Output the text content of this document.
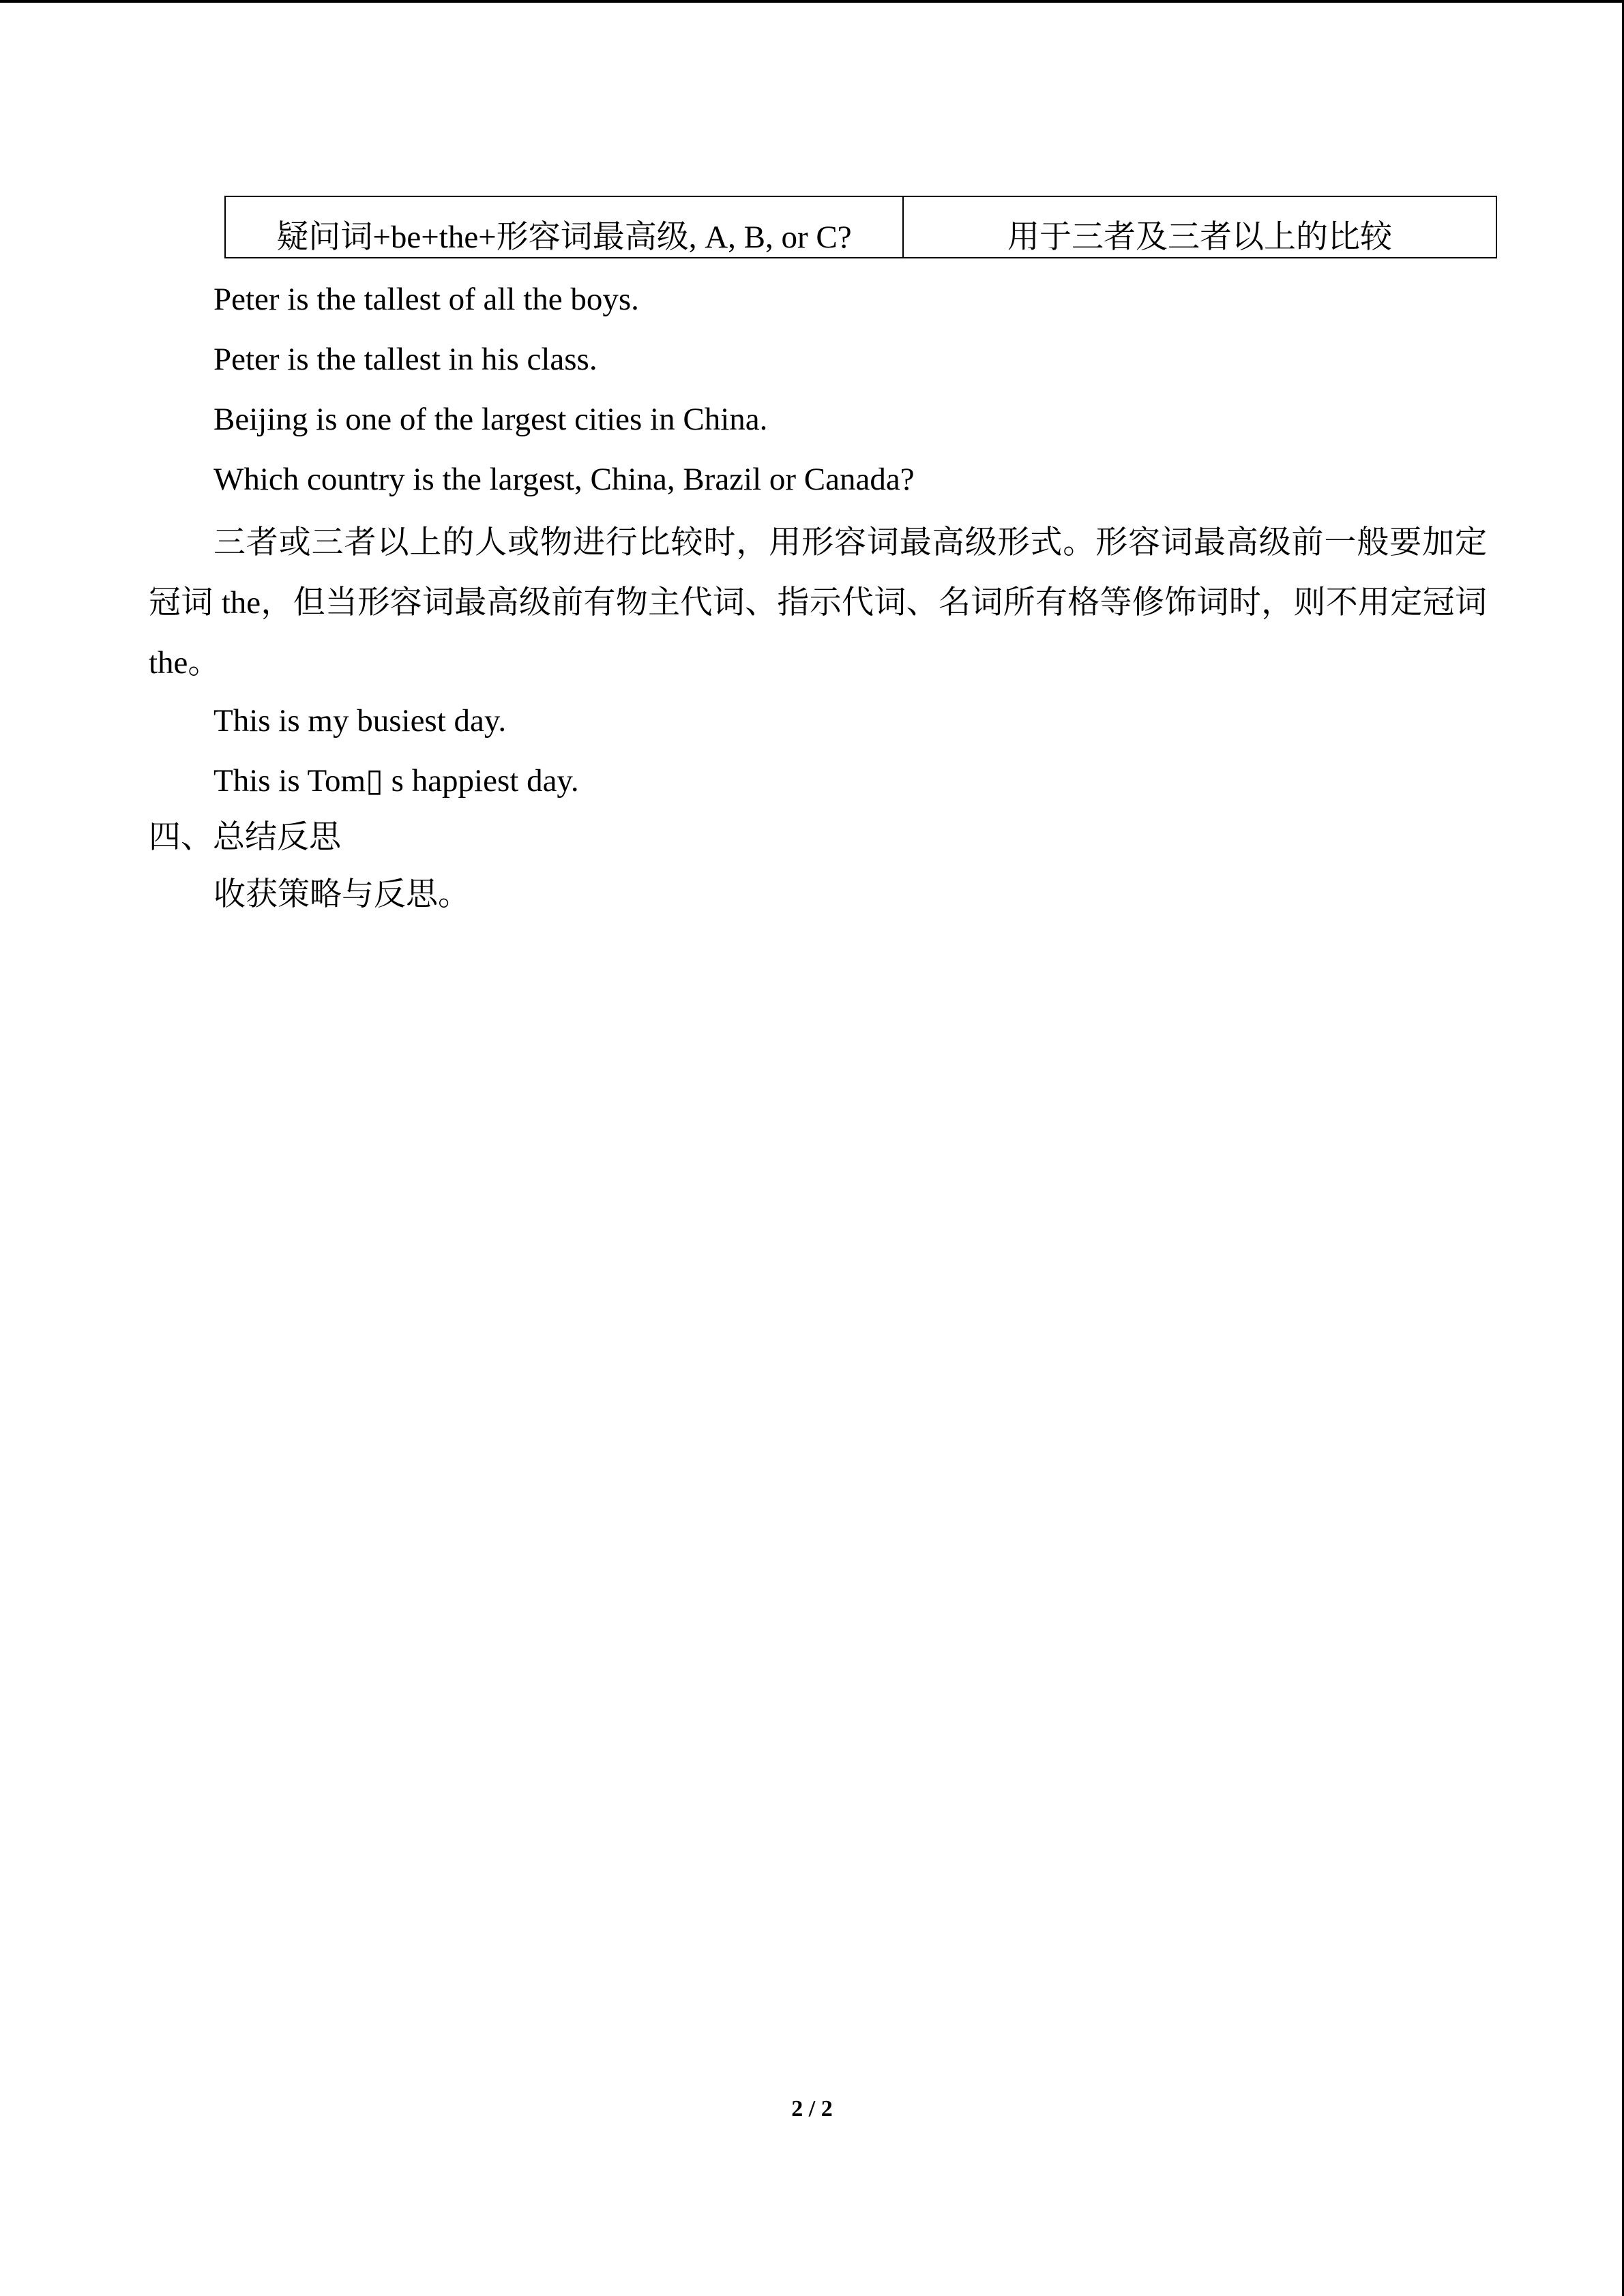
疑问词+be+the+形容词最高级, A, B, or C?	用于三者及三者以上的比较
Peter is the tallest of all the boys.
Peter is the tallest in his class.
Beijing is one of the largest cities in China.
Which country is the largest, China, Brazil or Canada?
三者或三者以上的人或物进行比较时，用形容词最高级形式。形容词最高级前一般要加定冠词 the，但当形容词最高级前有物主代词、指示代词、名词所有格等修饰词时，则不用定冠词 the。
This is my busiest day.
This is Tom▯ s happiest day.
四、总结反思
收获策略与反思。
2 / 2
